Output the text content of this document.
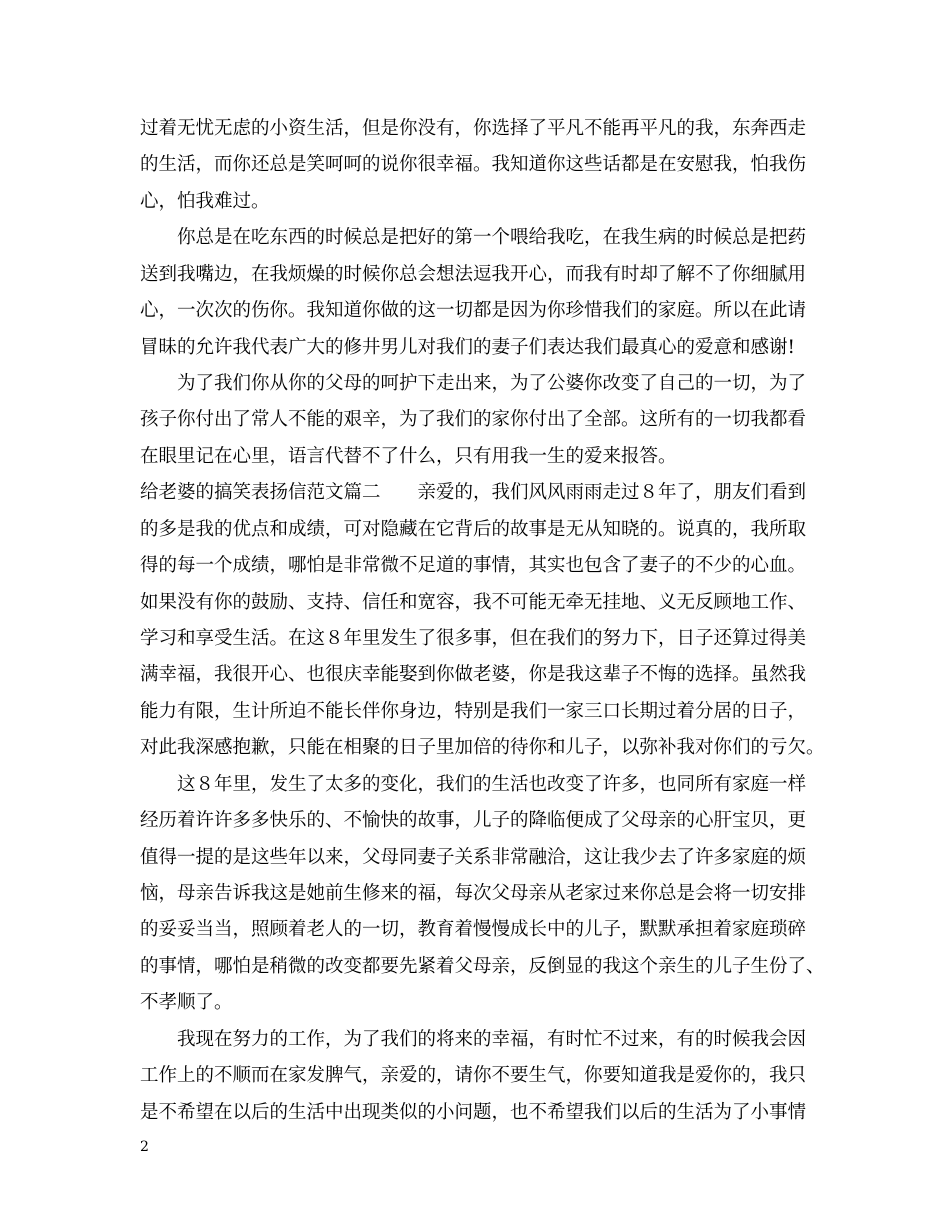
过着无忧无虑的小资生活，但是你没有，你选择了平凡不能再平凡的我，东奔西走
的生活，而你还总是笑呵呵的说你很幸福。我知道你这些话都是在安慰我，怕我伤
心，怕我难过。
　　你总是在吃东西的时候总是把好的第一个喂给我吃，在我生病的时候总是把药
送到我嘴边，在我烦燥的时候你总会想法逗我开心，而我有时却了解不了你细腻用
心，一次次的伤你。我知道你做的这一切都是因为你珍惜我们的家庭。所以在此请
冒昧的允许我代表广大的修井男儿对我们的妻子们表达我们最真心的爱意和感谢!
　　为了我们你从你的父母的呵护下走出来，为了公婆你改变了自己的一切，为了
孩子你付出了常人不能的艰辛，为了我们的家你付出了全部。这所有的一切我都看
在眼里记在心里，语言代替不了什么，只有用我一生的爱来报答。
给老婆的搞笑表扬信范文篇二　　亲爱的，我们风风雨雨走过８年了，朋友们看到
的多是我的优点和成绩，可对隐藏在它背后的故事是无从知晓的。说真的，我所取
得的每一个成绩，哪怕是非常微不足道的事情，其实也包含了妻子的不少的心血。
如果没有你的鼓励、支持、信任和宽容，我不可能无牵无挂地、义无反顾地工作、
学习和享受生活。在这８年里发生了很多事，但在我们的努力下，日子还算过得美
满幸福，我很开心、也很庆幸能娶到你做老婆，你是我这辈子不悔的选择。虽然我
能力有限，生计所迫不能长伴你身边，特别是我们一家三口长期过着分居的日子，
对此我深感抱歉，只能在相聚的日子里加倍的待你和儿子，以弥补我对你们的亏欠。
　　这８年里，发生了太多的变化，我们的生活也改变了许多，也同所有家庭一样
经历着许许多多快乐的、不愉快的故事，儿子的降临便成了父母亲的心肝宝贝，更
值得一提的是这些年以来，父母同妻子关系非常融洽，这让我少去了许多家庭的烦
恼，母亲告诉我这是她前生修来的福，每次父母亲从老家过来你总是会将一切安排
的妥妥当当，照顾着老人的一切，教育着慢慢成长中的儿子，默默承担着家庭琐碎
的事情，哪怕是稍微的改变都要先紧着父母亲，反倒显的我这个亲生的儿子生份了、
不孝顺了。
　　我现在努力的工作，为了我们的将来的幸福，有时忙不过来，有的时候我会因
工作上的不顺而在家发脾气，亲爱的，请你不要生气，你要知道我是爱你的，我只
是不希望在以后的生活中出现类似的小问题，也不希望我们以后的生活为了小事情
2
